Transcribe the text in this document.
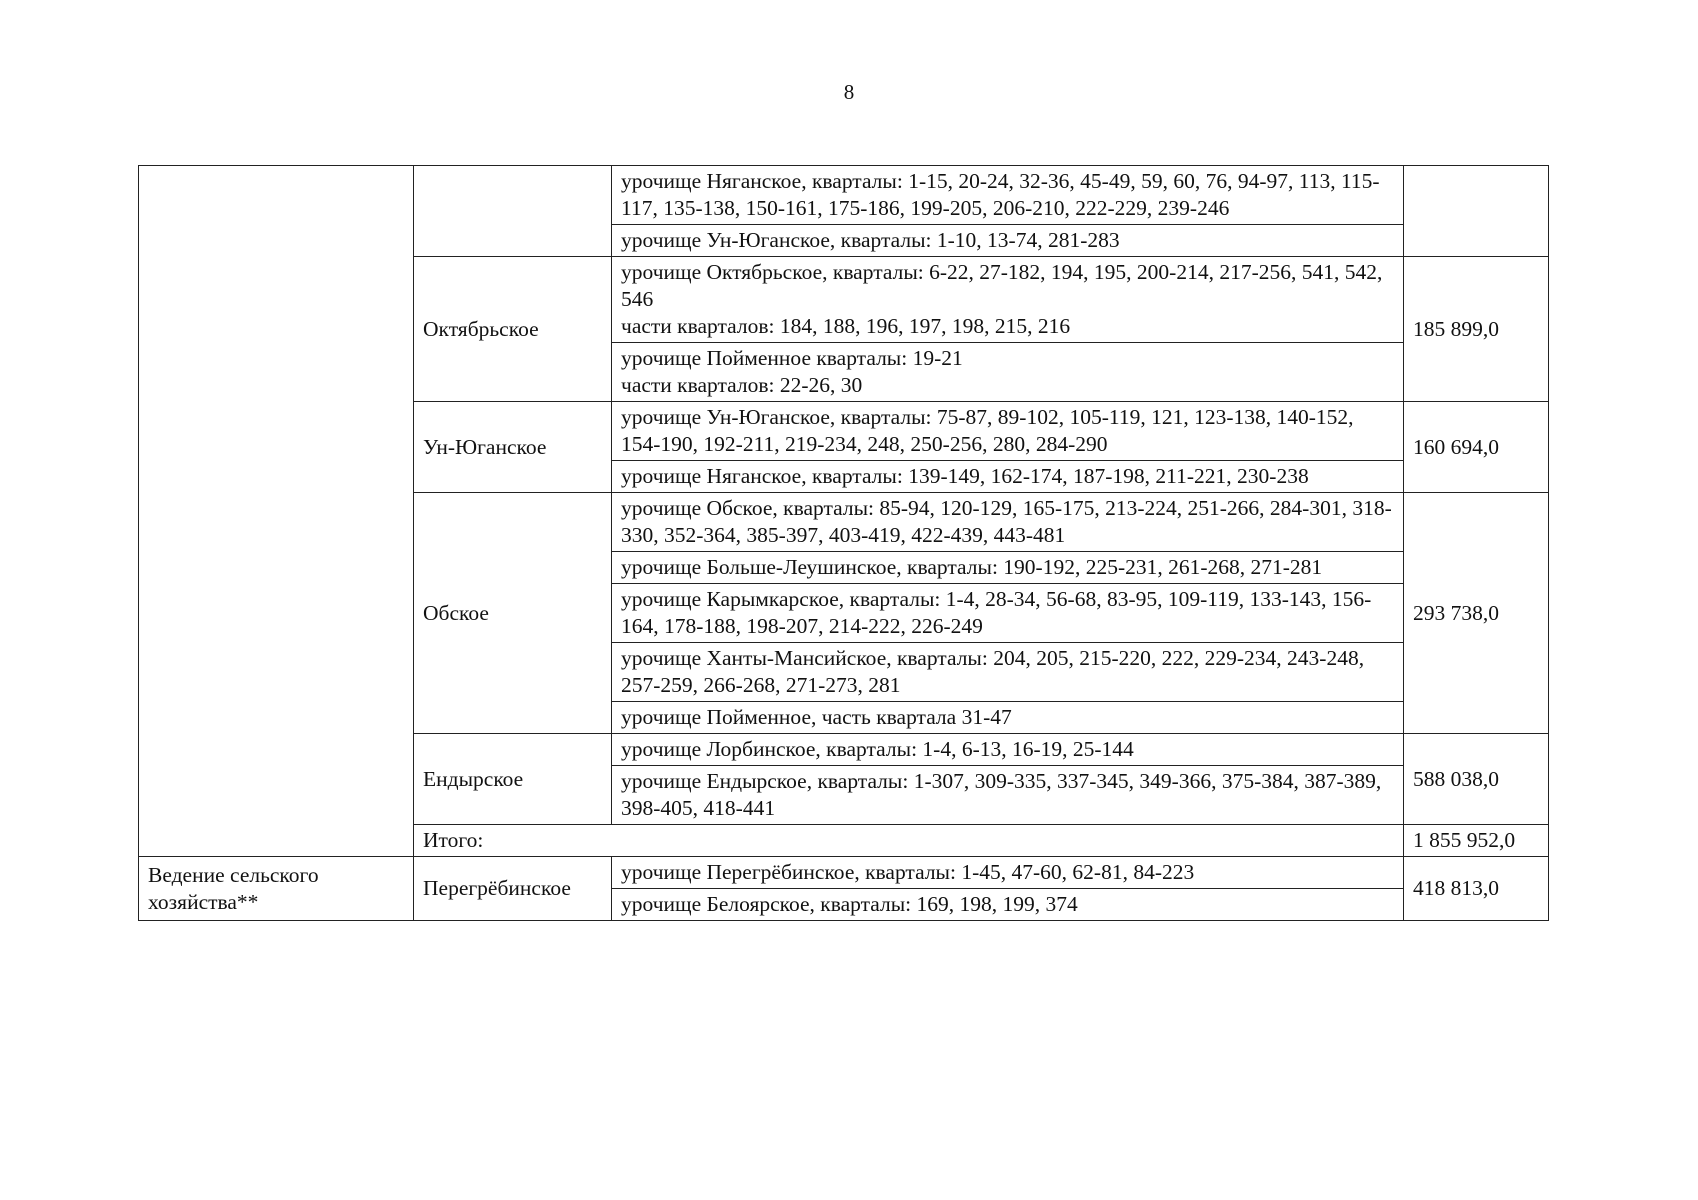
8

		урочище Няганское, кварталы: 1-15, 20-24, 32-36, 45-49, 59, 60, 76, 94-97, 113, 115-117, 135-138, 150-161, 175-186, 199-205, 206-210, 222-229, 239-246	

		урочище Ун-Юганское, кварталы: 1-10, 13-74, 281-283	

	Октябрьское	урочище Октябрьское, кварталы: 6-22, 27-182, 194, 195, 200-214, 217-256, 541, 542, 546
части кварталов: 184, 188, 196, 197, 198, 215, 216	185 899,0

		урочище Пойменное кварталы: 19-21
части кварталов: 22-26, 30	

	Ун-Юганское	урочище Ун-Юганское, кварталы: 75-87, 89-102, 105-119, 121, 123-138, 140-152, 154-190, 192-211, 219-234, 248, 250-256, 280, 284-290	160 694,0

		урочище Няганское, кварталы: 139-149, 162-174, 187-198, 211-221, 230-238	

	Обское	урочище Обское, кварталы: 85-94, 120-129, 165-175, 213-224, 251-266, 284-301, 318-330, 352-364, 385-397, 403-419, 422-439, 443-481	293 738,0

		урочище Больше-Леушинское, кварталы: 190-192, 225-231, 261-268, 271-281	

		урочище Карымкарское, кварталы: 1-4, 28-34, 56-68, 83-95, 109-119, 133-143, 156-164, 178-188, 198-207, 214-222, 226-249	

		урочище Ханты-Мансийское, кварталы: 204, 205, 215-220, 222, 229-234, 243-248, 257-259, 266-268, 271-273, 281	

		урочище Пойменное, часть квартала 31-47	

	Ендырское	урочище Лорбинское, кварталы: 1-4, 6-13, 16-19, 25-144	588 038,0

		урочище Ендырское, кварталы: 1-307, 309-335, 337-345, 349-366, 375-384, 387-389, 398-405, 418-441	

	Итого:		1 855 952,0
Ведение сельского хозяйства**	Перегрёбинское	урочище Перегрёбинское, кварталы: 1-45, 47-60, 62-81, 84-223	418 813,0

		урочище Белоярское, кварталы: 169, 198, 199, 374	
